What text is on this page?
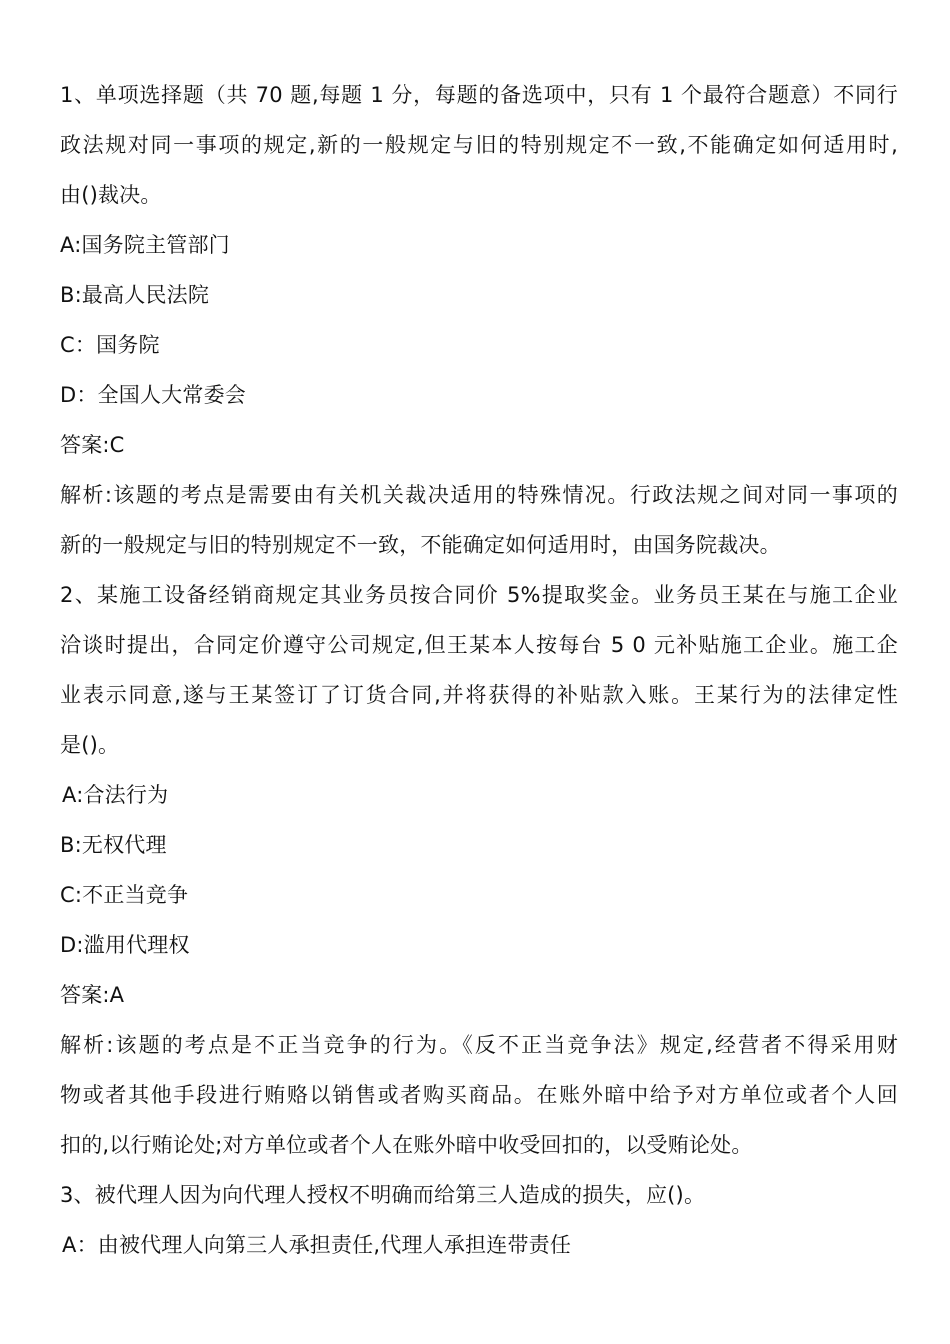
1、单项选择题（共 70 题,每题 1 分，每题的备选项中，只有 1 个最符合题意）不同行
政法规对同一事项的规定,新的一般规定与旧的特别规定不一致,不能确定如何适用时,
由()裁决。
A:国务院主管部门
B:最高人民法院
C：国务院
D：全国人大常委会
答案:C
解析:该题的考点是需要由有关机关裁决适用的特殊情况。行政法规之间对同一事项的
新的一般规定与旧的特别规定不一致，不能确定如何适用时，由国务院裁决。
2、某施工设备经销商规定其业务员按合同价 5%提取奖金。业务员王某在与施工企业
洽谈时提出，合同定价遵守公司规定,但王某本人按每台 5 0 元补贴施工企业。施工企
业表示同意,遂与王某签订了订货合同,并将获得的补贴款入账。王某行为的法律定性
是()。
A:合法行为
B:无权代理
C:不正当竞争
D:滥用代理权
答案:A
解析:该题的考点是不正当竞争的行为。《反不正当竞争法》规定,经营者不得采用财
物或者其他手段进行贿赂以销售或者购买商品。在账外暗中给予对方单位或者个人回
扣的,以行贿论处;对方单位或者个人在账外暗中收受回扣的，以受贿论处。
3、被代理人因为向代理人授权不明确而给第三人造成的损失，应()。
A：由被代理人向第三人承担责任,代理人承担连带责任
